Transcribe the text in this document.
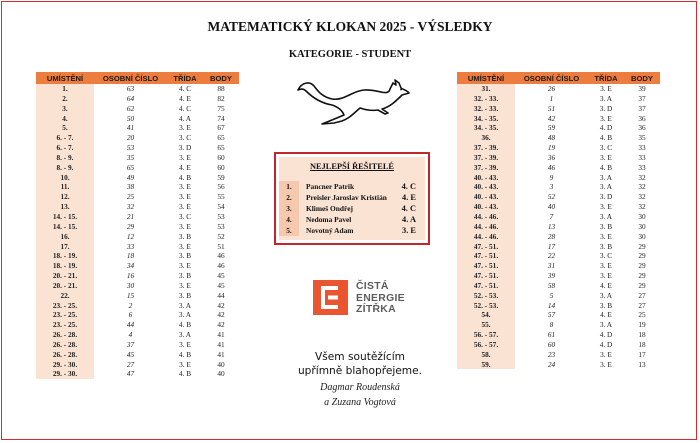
MATEMATICKÝ KLOKAN 2025 - VÝSLEDKY
KATEGORIE - STUDENT
UMÍSTĚNÍ	OSOBNÍ ČÍSLO	TŘÍDA	BODY
1.	63	4. C	88
2.	64	4. E	82
3.	62	4. C	75
4.	50	4. A	74
5.	41	3. E	67
6. - 7.	20	3. C	65
6. - 7.	53	3. D	65
8. - 9.	35	3. E	60
8. - 9.	65	4. E	60
10.	49	4. B	59
11.	38	3. E	56
12.	25	3. E	55
13.	32	3. E	54
14. - 15.	21	3. C	53
14. - 15.	29	3. E	53
16.	12	3. B	52
17.	33	3. E	51
18. - 19.	18	3. B	46
18. - 19.	34	3. E	46
20. - 21.	16	3. B	45
20. - 21.	30	3. E	45
22.	15	3. B	44
23. - 25.	2	3. A	42
23. - 25.	6	3. A	42
23. - 25.	44	4. B	42
26. - 28.	4	3. A	41
26. - 28.	37	3. E	41
26. - 28.	45	4. B	41
29. - 30.	27	3. E	40
29. - 30.	47	4. B	40
UMÍSTĚNÍ	OSOBNÍ ČÍSLO	TŘÍDA	BODY
31.	26	3. E	39
32. - 33.	1	3. A	37
32. - 33.	51	3. D	37
34. - 35.	42	3. E	36
34. - 35.	59	4. D	36
36.	48	4. B	35
37. - 39.	19	3. C	33
37. - 39.	36	3. E	33
37. - 39.	46	4. B	33
40. - 43.	9	3. A	32
40. - 43.	3	3. A	32
40. - 43.	52	3. D	32
40. - 43.	40	3. E	32
44. - 46.	7	3. A	30
44. - 46.	13	3. B	30
44. - 46.	28	3. E	30
47. - 51.	17	3. B	29
47. - 51.	22	3. C	29
47. - 51.	31	3. E	29
47. - 51.	39	3. E	29
47. - 51.	58	4. E	29
52. - 53.	5	3. A	27
52. - 53.	14	3. B	27
54.	57	4. E	25
55.	8	3. A	19
56. - 57.	61	4. D	18
56. - 57.	60	4. D	18
58.	23	3. E	17
59.	24	3. E	13
NEJLEPŠÍ ŘEŠITELÉ
1.	Pancner Patrik	4. C
2.	Preisler Jaroslav Kristián 4. E
3.	Klimeš Ondřej	4. C
4.	Nedoma Pavel	4. A
5.	Novotný Adam	3. E
ČISTÁ
ENERGIE
ZÍTŘKA
Všem soutěžícím
upřímně blahopřejeme.
Dagmar Roudenská
a Zuzana Vogtová
